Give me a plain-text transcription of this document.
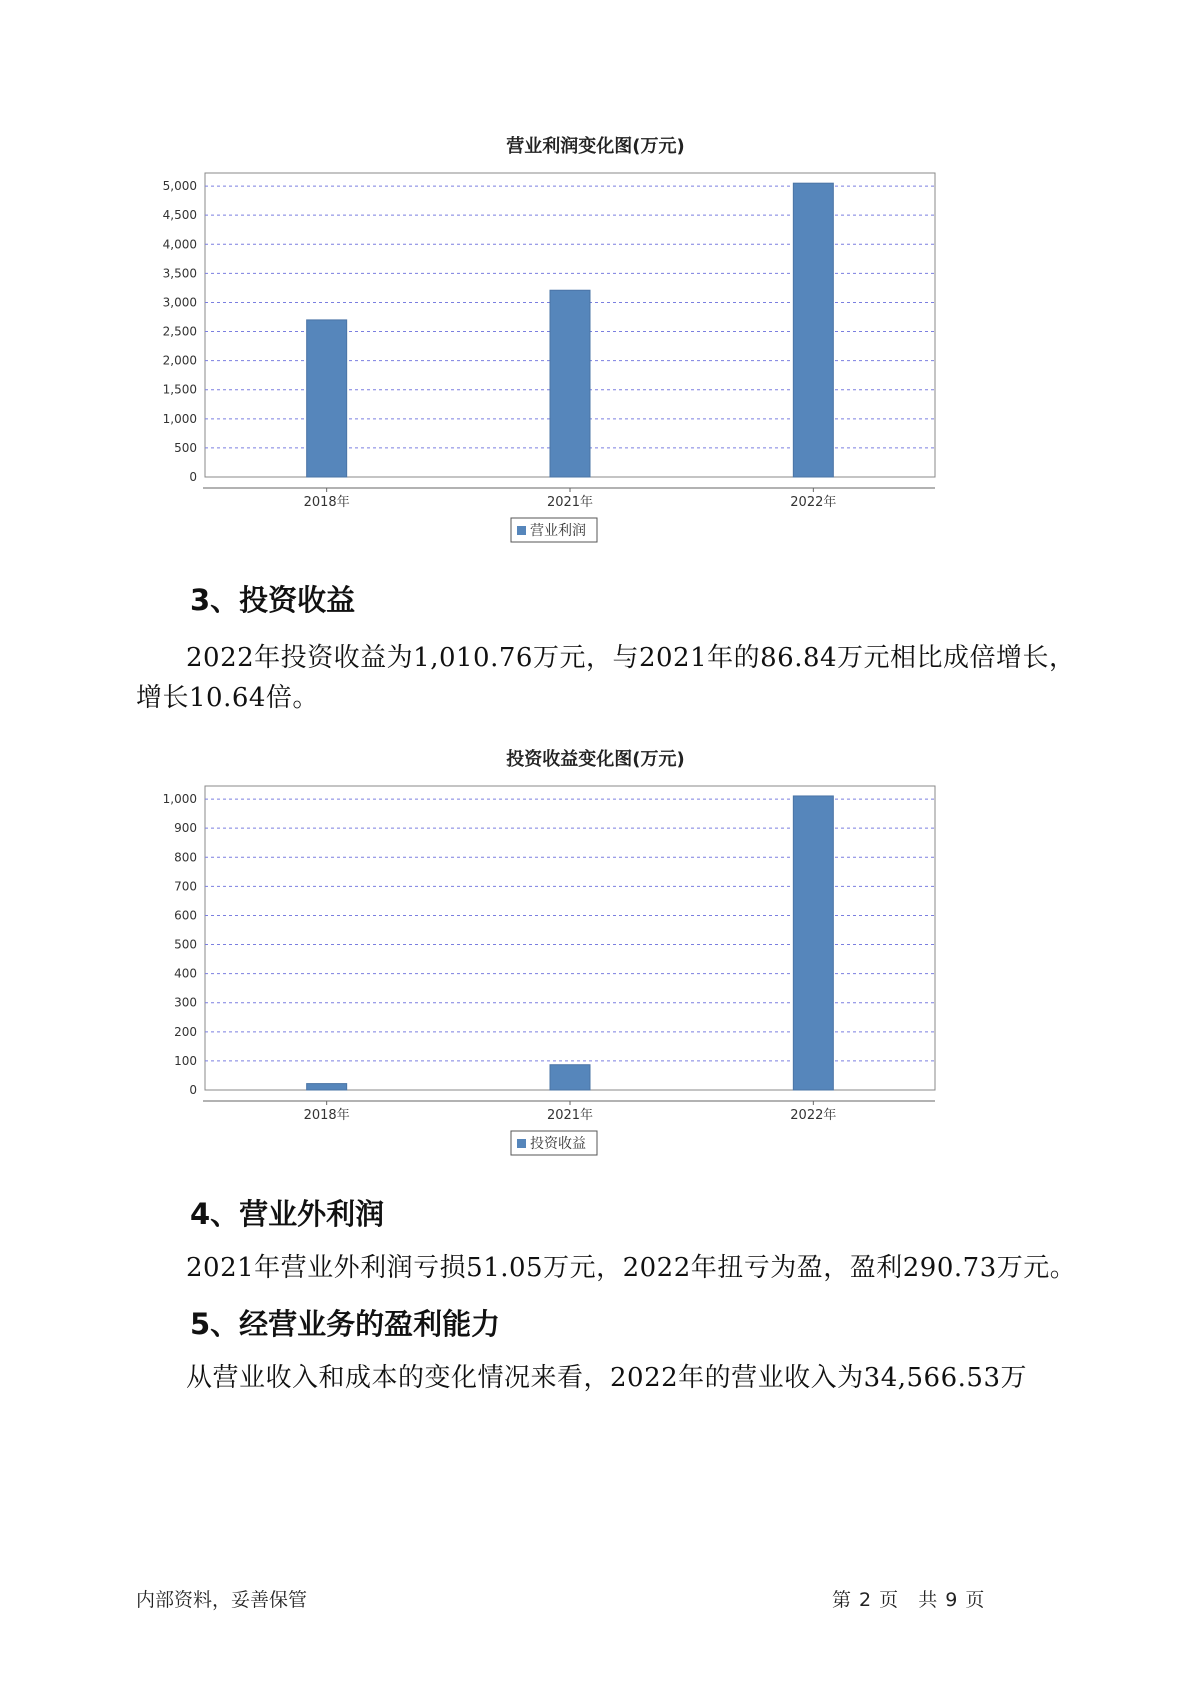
营业利润变化图(万元)
0
500
1,000
1,500
2,000
2,500
3,000
3,500
4,000
4,500
5,000
2018年	2021年	2022年
营业利润
3、投资收益
2022年投资收益为1,010.76万元，与2021年的86.84万元相比成倍增长，
增长10.64倍。
投资收益变化图(万元)
0
100
200
300
400
500
600
700
800
900
1,000
2018年	2021年	2022年
投资收益
4、营业外利润
2021年营业外利润亏损51.05万元，2022年扭亏为盈，盈利290.73万元。
5、经营业务的盈利能力
从营业收入和成本的变化情况来看，2022年的营业收入为34,566.53万
内部资料，妥善保管	第 2 页 共 9 页
